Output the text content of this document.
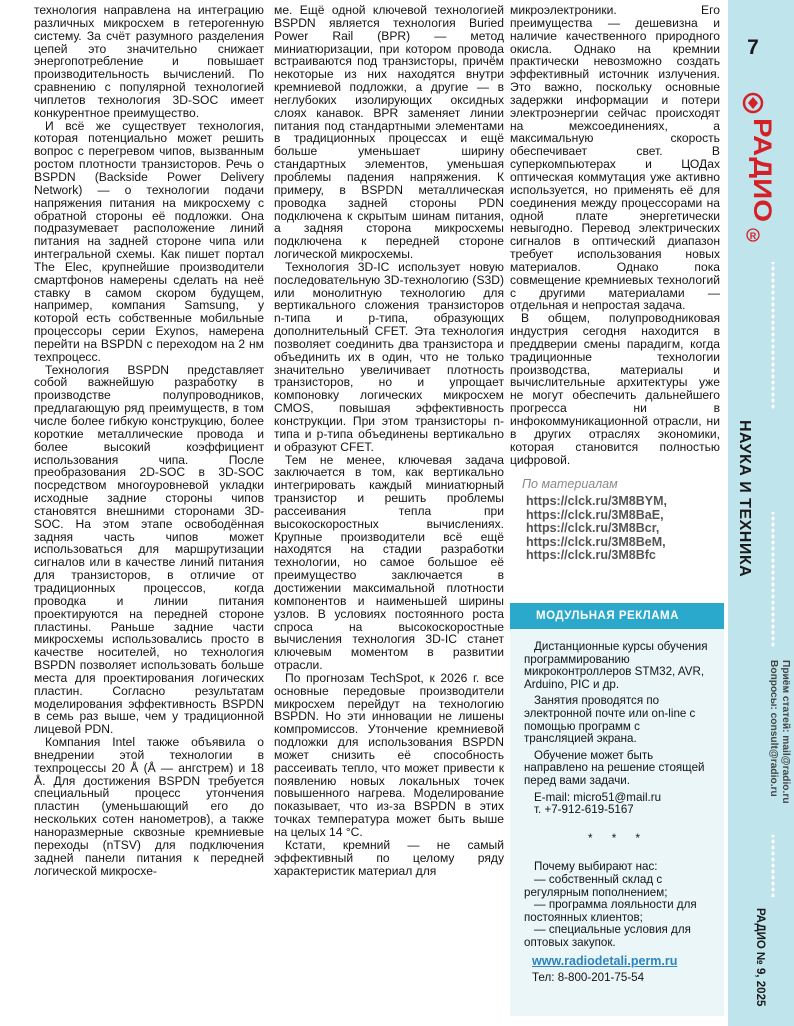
технология направлена на интеграцию различных микросхем в гетерогенную систему. За счёт разумного разделения цепей это значительно снижает энергопотребление и повышает производительность вычислений. По сравнению с популярной технологией чиплетов технология 3D-SOC имеет конкурентное преимущество.

И всё же существует технология, которая потенциально может решить вопрос с перегревом чипов, вызванным ростом плотности транзисторов. Речь о BSPDN (Backside Power Delivery Network) — о технологии подачи напряжения питания на микросхему с обратной стороны её подложки. Она подразумевает расположение линий питания на задней стороне чипа или интегральной схемы. Как пишет портал The Elec, крупнейшие производители смартфонов намерены сделать на неё ставку в самом скором будущем, например, компания Samsung, у которой есть собственные мобильные процессоры серии Exynos, намерена перейти на BSPDN с переходом на 2 нм техпроцесс.

Технология BSPDN представляет собой важнейшую разработку в производстве полупроводников, предлагающую ряд преимуществ, в том числе более гибкую конструкцию, более короткие металлические провода и более высокий коэффициент использования чипа. После преобразования 2D-SOC в 3D-SOC посредством многоуровневой укладки исходные задние стороны чипов становятся внешними сторонами 3D-SOC. На этом этапе освободённая задняя часть чипов может использоваться для маршрутизации сигналов или в качестве линий питания для транзисторов, в отличие от традиционных процессов, когда проводка и линии питания проектируются на передней стороне пластины. Раньше задние части микросхемы использовались просто в качестве носителей, но технология BSPDN позволяет использовать больше места для проектирования логических пластин. Согласно результатам моделирования эффективность BSPDN в семь раз выше, чем у традиционной лицевой PDN.

Компания Intel также объявила о внедрении этой технологии в техпроцессы 20 Å (Å — ангстрем) и 18 Å. Для достижения BSPDN требуется специальный процесс утончения пластин (уменьшающий его до нескольких сотен нанометров), а также наноразмерные сквозные кремниевые переходы (nTSV) для подключения задней панели питания к передней логической микросхе-

ме. Ещё одной ключевой технологией BSPDN является технология Buried Power Rail (BPR) — метод миниатюризации, при котором провода встраиваются под транзисторы, причём некоторые из них находятся внутри кремниевой подложки, а другие — в неглубоких изолирующих оксидных слоях канавок. BPR заменяет линии питания под стандартными элементами в традиционных процессах и ещё больше уменьшает ширину стандартных элементов, уменьшая проблемы падения напряжения. К примеру, в BSPDN металлическая проводка задней стороны PDN подключена к скрытым шинам питания, а задняя сторона микросхемы подключена к передней стороне логической микросхемы.

Технология 3D-IC использует новую последовательную 3D-технологию (S3D) или монолитную технологию для вертикального сложения транзисторов n-типа и p-типа, образующих дополнительный CFET. Эта технология позволяет соединить два транзистора и объединить их в один, что не только значительно увеличивает плотность транзисторов, но и упрощает компоновку логических микросхем CMOS, повышая эффективность конструкции. При этом транзисторы n-типа и p-типа объединены вертикально и образуют CFET.

Тем не менее, ключевая задача заключается в том, как вертикально интегрировать каждый миниатюрный транзистор и решить проблемы рассеивания тепла при высокоскоростных вычислениях. Крупные производители всё ещё находятся на стадии разработки технологии, но самое большое её преимущество заключается в достижении максимальной плотности компонентов и наименьшей ширины узлов. В условиях постоянного роста спроса на высокоскоростные вычисления технология 3D-IC станет ключевым моментом в развитии отрасли.

По прогнозам TechSpot, к 2026 г. все основные передовые производители микросхем перейдут на технологию BSPDN. Но эти инновации не лишены компромиссов. Утончение кремниевой подложки для использования BSPDN может снизить её способность рассеивать тепло, что может привести к появлению новых локальных точек повышенного нагрева. Моделирование показывает, что из-за BSPDN в этих точках температура может быть выше на целых 14 °C.

Кстати, кремний — не самый эффективный по целому ряду характеристик материал для

микроэлектроники. Его преимущества — дешевизна и наличие качественного природного окисла. Однако на кремнии практически невозможно создать эффективный источник излучения. Это важно, поскольку основные задержки информации и потери электроэнергии сейчас происходят на межсоединениях, а максимальную скорость обеспечивает свет. В суперкомпьютерах и ЦОДах оптическая коммутация уже активно используется, но применять её для соединения между процессорами на одной плате энергетически невыгодно. Перевод электрических сигналов в оптический диапазон требует использования новых материалов. Однако пока совмещение кремниевых технологий с другими материалами — отдельная и непростая задача.

В общем, полупроводниковая индустрия сегодня находится в преддверии смены парадигм, когда традиционные технологии производства, материалы и вычислительные архитектуры уже не могут обеспечить дальнейшего прогресса ни в инфокоммуникационной отрасли, ни в других отраслях экономики, которая становится полностью цифровой.

По материалам

https://clck.ru/3M8BYM,

https://clck.ru/3M8BaE,

https://clck.ru/3M8Bcr,

https://clck.ru/3M8BeM,

https://clck.ru/3M8Bfc

МОДУЛЬНАЯ РЕКЛАМА

Дистанционные курсы обучения программированию микроконтроллеров STM32, AVR, Arduino, PIC и др.

Занятия проводятся по электронной почте или on-line с помощью программ с трансляцией экрана.

Обучение может быть направлено на решение стоящей перед вами задачи.

E-mail: micro51@mail.ru

т. +7-912-619-5167

* * *

Почему выбирают нас:

— собственный склад с регулярным пополнением;

— программа лояльности для постоянных клиентов;

— специальные условия для оптовых закупок.

www.radiodetali.perm.ru

Тел: 8-800-201-75-54

7
РАДИО
R
НАУКА И ТЕХНИКА
Приём статей: mail@radio.ru
Вопросы: consult@radio.ru
РАДИО № 9, 2025
